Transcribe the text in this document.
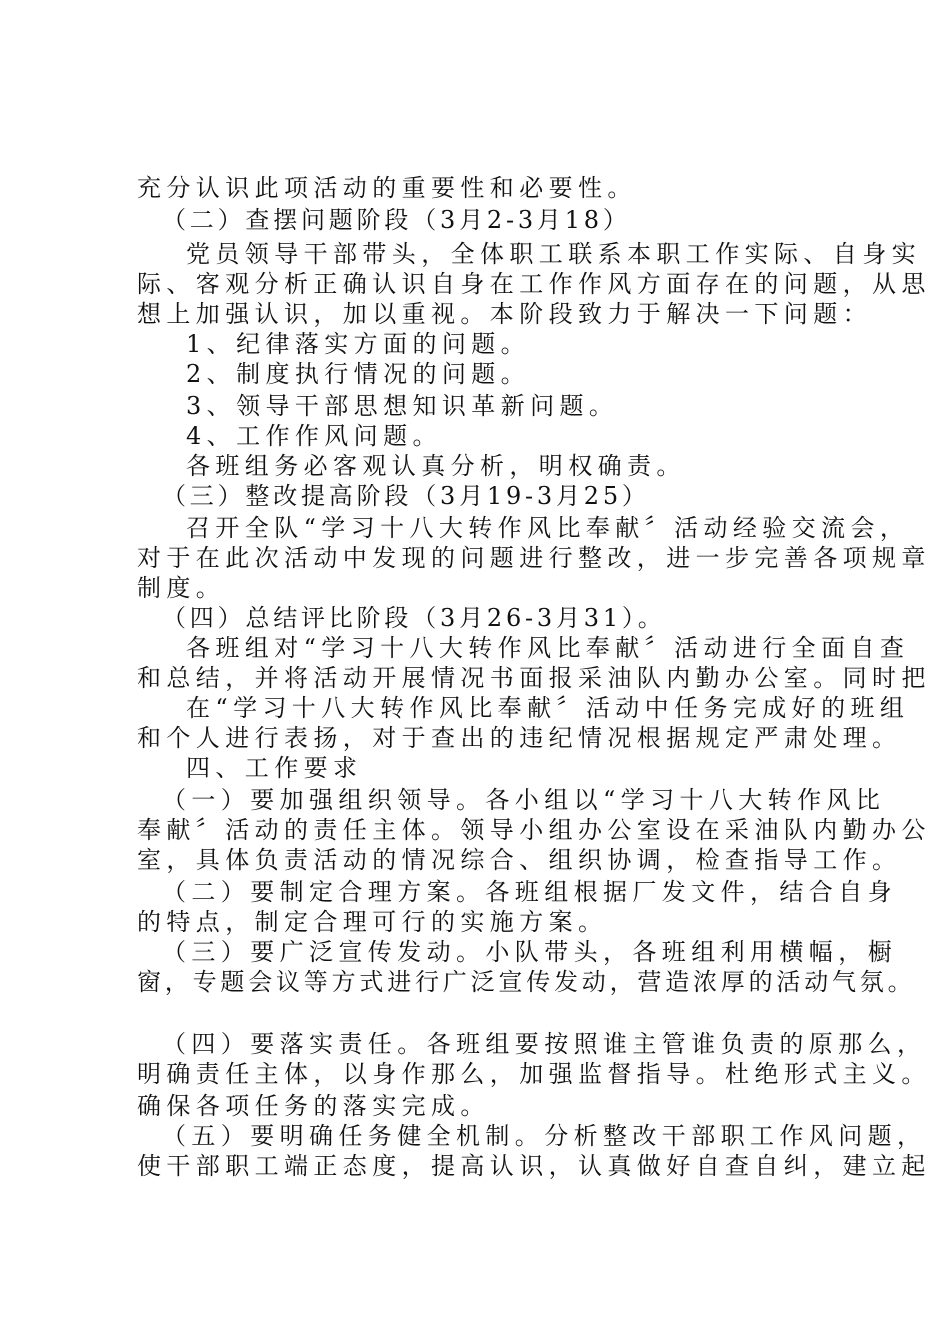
充分认识此项活动的重要性和必要性。
（二）查摆问题阶段（3月2-3月18）
党员领导干部带头，全体职工联系本职工作实际、自身实
际、客观分析正确认识自身在工作作风方面存在的问题，从思
想上加强认识，加以重视。本阶段致力于解决一下问题：
1、纪律落实方面的问题。
2、制度执行情况的问题。
3、领导干部思想知识革新问题。
4、工作作风问题。
各班组务必客观认真分析，明权确责。
（三）整改提高阶段（3月19-3月25）
召开全队“学习十八大转作风比奉献〞活动经验交流会，
对于在此次活动中发现的问题进行整改，进一步完善各项规章
制度。
（四）总结评比阶段（3月26-3月31）。
各班组对“学习十八大转作风比奉献〞活动进行全面自查
和总结，并将活动开展情况书面报采油队内勤办公室。同时把
在“学习十八大转作风比奉献〞活动中任务完成好的班组
和个人进行表扬，对于查出的违纪情况根据规定严肃处理。
四、工作要求
（一）要加强组织领导。各小组以“学习十八大转作风比
奉献〞活动的责任主体。领导小组办公室设在采油队内勤办公
室，具体负责活动的情况综合、组织协调，检查指导工作。
（二）要制定合理方案。各班组根据厂发文件，结合自身
的特点，制定合理可行的实施方案。
（三）要广泛宣传发动。小队带头，各班组利用横幅，橱
窗，专题会议等方式进行广泛宣传发动，营造浓厚的活动气氛。
（四）要落实责任。各班组要按照谁主管谁负责的原那么，
明确责任主体，以身作那么，加强监督指导。杜绝形式主义。
确保各项任务的落实完成。
（五）要明确任务健全机制。分析整改干部职工作风问题，
使干部职工端正态度，提高认识，认真做好自查自纠，建立起
